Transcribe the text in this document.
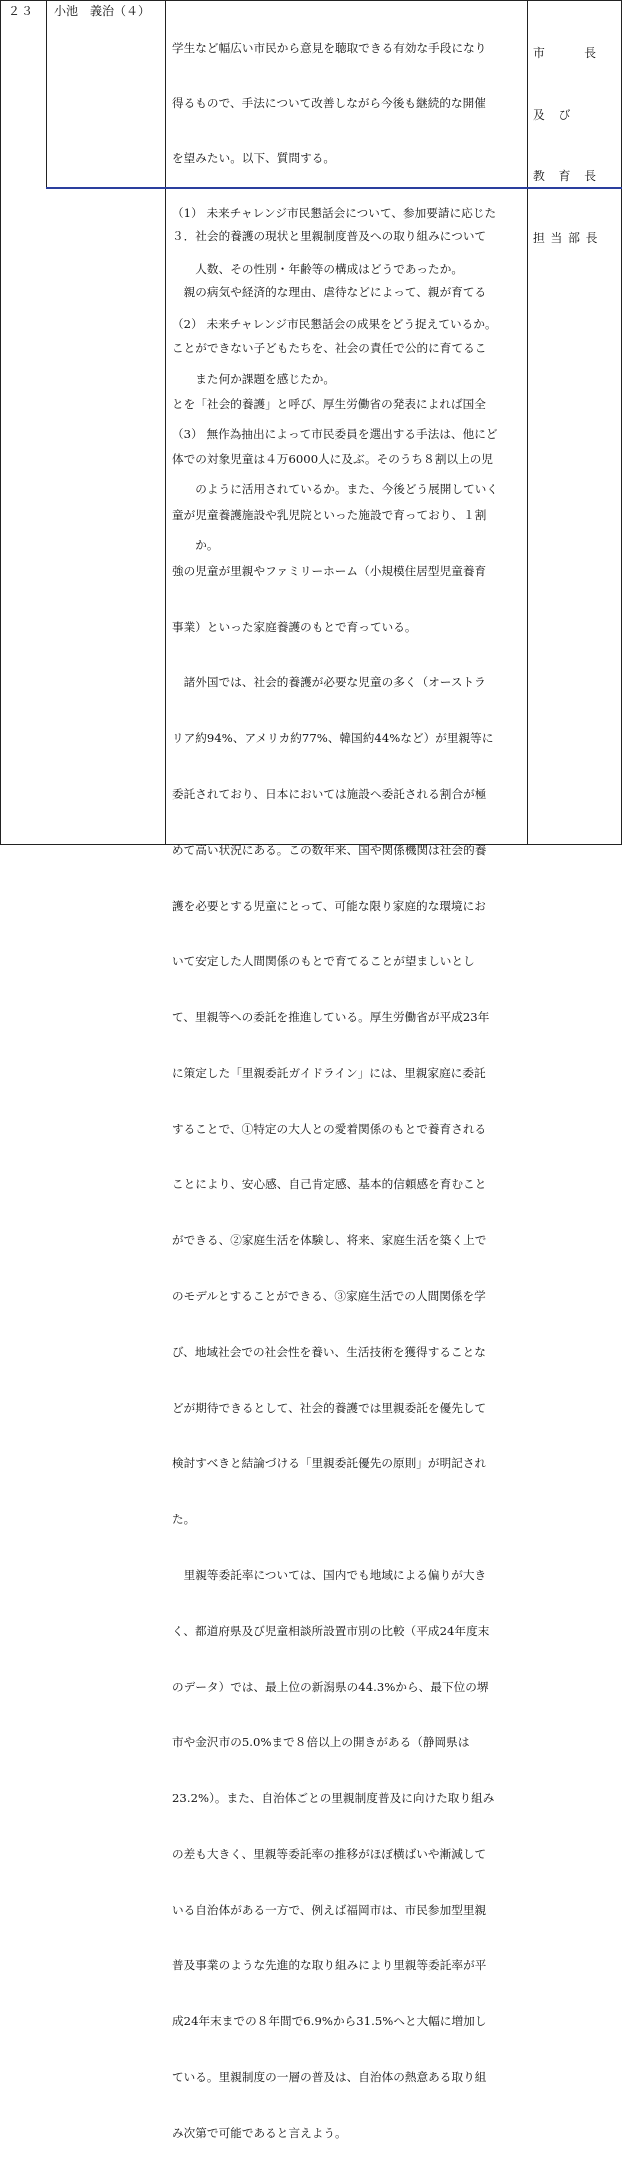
２３ 小池　義治（４）

市　　　長

及　び

教　育　長

担 当 部 長

学生など幅広い市民から意見を聴取できる有効な手段になり

得るもので、手法について改善しながら今後も継続的な開催

を望みたい。以下、質問する。

（1） 未来チャレンジ市民懇話会について、参加要請に応じた

　　人数、その性別・年齢等の構成はどうであったか。

（2） 未来チャレンジ市民懇話会の成果をどう捉えているか。

　　また何か課題を感じたか。

（3） 無作為抽出によって市民委員を選出する手法は、他にど

　　のように活用されているか。また、今後どう展開していく

　　か。

３．社会的養護の現状と里親制度普及への取り組みについて

　親の病気や経済的な理由、虐待などによって、親が育てる

ことができない子どもたちを、社会の責任で公的に育てるこ

とを「社会的養護」と呼び、厚生労働省の発表によれば国全

体での対象児童は４万6000人に及ぶ。そのうち８割以上の児

童が児童養護施設や乳児院といった施設で育っており、１割

強の児童が里親やファミリーホーム（小規模住居型児童養育

事業）といった家庭養護のもとで育っている。

　諸外国では、社会的養護が必要な児童の多く（オーストラ

リア約94%、アメリカ約77%、韓国約44%など）が里親等に

委託されており、日本においては施設へ委託される割合が極

めて高い状況にある。この数年来、国や関係機関は社会的養

護を必要とする児童にとって、可能な限り家庭的な環境にお

いて安定した人間関係のもとで育てることが望ましいとし

て、里親等への委託を推進している。厚生労働省が平成23年

に策定した「里親委託ガイドライン」には、里親家庭に委託

することで、①特定の大人との愛着関係のもとで養育される

ことにより、安心感、自己肯定感、基本的信頼感を育むこと

ができる、②家庭生活を体験し、将来、家庭生活を築く上で

のモデルとすることができる、③家庭生活での人間関係を学

び、地域社会での社会性を養い、生活技術を獲得することな

どが期待できるとして、社会的養護では里親委託を優先して

検討すべきと結論づける「里親委託優先の原則」が明記され

た。

　里親等委託率については、国内でも地域による偏りが大き

く、都道府県及び児童相談所設置市別の比較（平成24年度末

のデータ）では、最上位の新潟県の44.3%から、最下位の堺

市や金沢市の5.0%まで８倍以上の開きがある（静岡県は

23.2%）。また、自治体ごとの里親制度普及に向けた取り組み

の差も大きく、里親等委託率の推移がほぼ横ばいや漸減して

いる自治体がある一方で、例えば福岡市は、市民参加型里親

普及事業のような先進的な取り組みにより里親等委託率が平

成24年末までの８年間で6.9%から31.5%へと大幅に増加し

ている。里親制度の一層の普及は、自治体の熱意ある取り組

み次第で可能であると言えよう。
